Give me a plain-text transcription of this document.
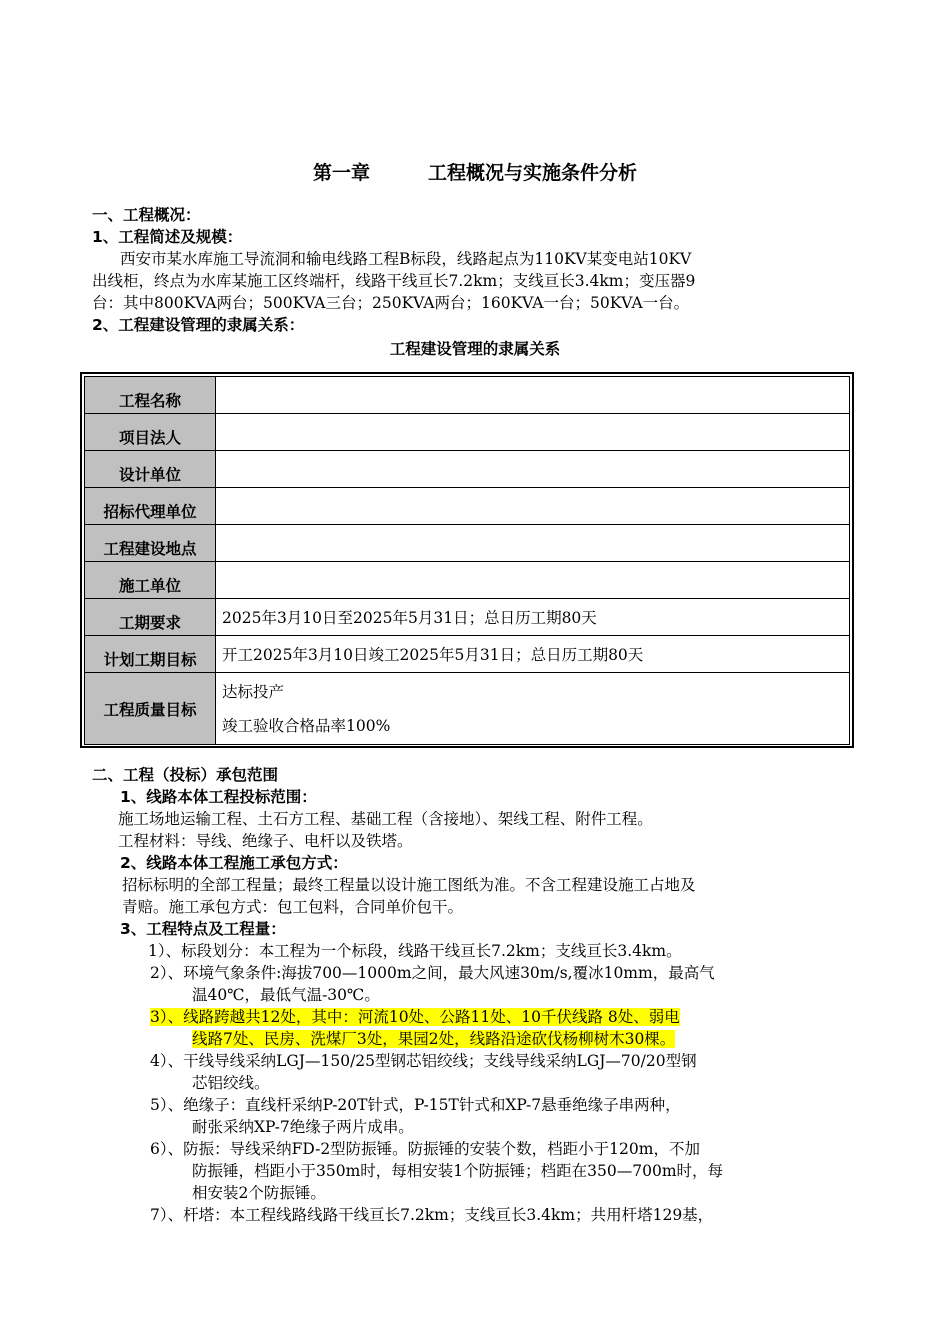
第一章	工程概况与实施条件分析
一、工程概况：
1、工程简述及规模：
西安市某水库施工导流洞和输电线路工程B标段，线路起点为110KV某变电站10KV
出线柜，终点为水库某施工区终端杆，线路干线亘长7.2km；支线亘长3.4km；变压器9
台：其中800KVA两台；500KVA三台；250KVA两台；160KVA一台；50KVA一台。
2、工程建设管理的隶属关系：
工程建设管理的隶属关系
工程名称	
项目法人	
设计单位	
招标代理单位	
工程建设地点	
施工单位	
工期要求	2025年3月10日至2025年5月31日；总日历工期80天
计划工期目标	开工2025年3月10日竣工2025年5月31日；总日历工期80天
工程质量目标	达标投产
竣工验收合格品率100%
二、工程（投标）承包范围
1、线路本体工程投标范围：
施工场地运输工程、土石方工程、基础工程（含接地）、架线工程、附件工程。
工程材料：导线、绝缘子、电杆以及铁塔。
2、线路本体工程施工承包方式：
招标标明的全部工程量；最终工程量以设计施工图纸为准。不含工程建设施工占地及
青赔。施工承包方式：包工包料，合同单价包干。
3、工程特点及工程量：
1）、标段划分：本工程为一个标段，线路干线亘长7.2km；支线亘长3.4km。
2）、环境气象条件:海拔700—1000m之间，最大风速30m/s,覆冰10mm，最高气
温40℃，最低气温-30℃。
3）、线路跨越共12处，其中：河流10处、公路11处、10千伏线路 8处、弱电
线路7处、民房、洗煤厂3处，果园2处，线路沿途砍伐杨柳树木30棵。
4）、干线导线采纳LGJ—150/25型钢芯铝绞线；支线导线采纳LGJ—70/20型钢
芯铝绞线。
5）、绝缘子：直线杆采纳P-20T针式，P-15T针式和XP-7悬垂绝缘子串两种，
耐张采纳XP-7绝缘子两片成串。
6）、防振：导线采纳FD-2型防振锤。防振锤的安装个数，档距小于120m，不加
防振锤，档距小于350m时，每相安装1个防振锤；档距在350—700m时，每
相安装2个防振锤。
7）、杆塔：本工程线路线路干线亘长7.2km；支线亘长3.4km；共用杆塔129基，
